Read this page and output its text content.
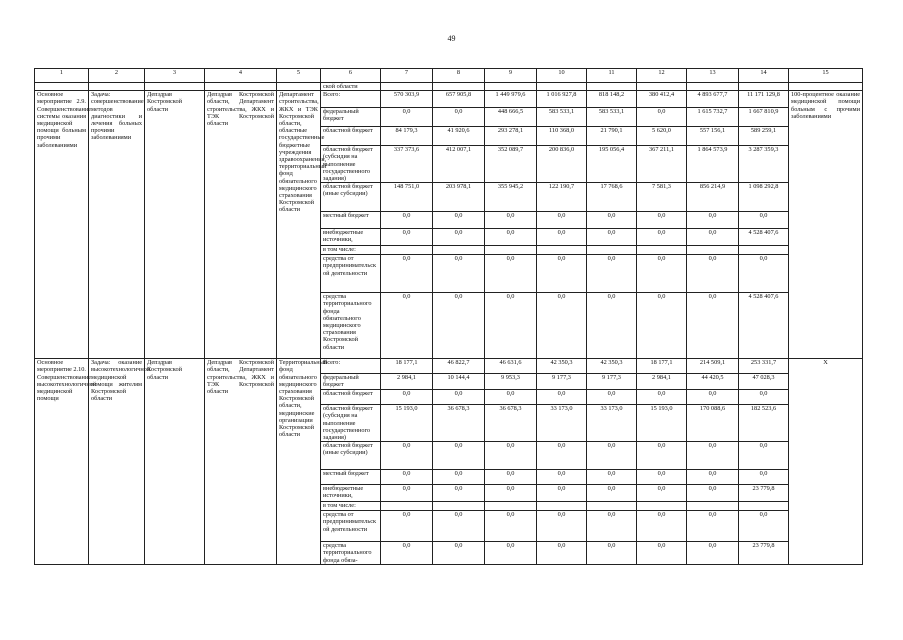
49
1	2	3	4	5	6	7	8	9	10	11	12	13	14	15
					ской области									
Основное мероприятие 2.9. Совершенствование системы оказания медицинской помощи больным прочими заболеваниями	Задача: совершенствование методов диагностики и лечения больных прочими заболеваниями	Депздрав Костромской области	Депздрав Костромской области, Департамент строительства, ЖКХ и ТЭК Костромской области	Департамент строительства, ЖКХ и ТЭК Костромской области, областные государственные бюджетные учреждения здравоохранения, территориальный фонд обязательного медицинского страхования Костромской области	Всего:	570 303,9	657 905,8	1 449 979,6	1 016 927,8	818 148,2	380 412,4	4 893 677,7	11 171 129,8	100-процентное оказание медицинской помощи больным с прочими заболеваниями
					федеральный бюджет	0,0	0,0	448 666,5	583 533,1	583 533,1	0,0	1 615 732,7	1 667 810,9	
					областной бюджет	84 179,3	41 920,6	293 278,1	110 368,0	21 790,1	5 620,0	557 156,1	589 259,1	
					областной бюджет (субсидия на выполнение государственного задания)	337 373,6	412 007,1	352 089,7	200 836,0	195 056,4	367 211,1	1 864 573,9	3 287 359,3	
					областной бюджет (иные субсидии)	148 751,0	203 978,1	355 945,2	122 190,7	17 768,6	7 581,3	856 214,9	1 098 292,8	
					местный бюджет	0,0	0,0	0,0	0,0	0,0	0,0	0,0	0,0	
					внебюджетные источники,	0,0	0,0	0,0	0,0	0,0	0,0	0,0	4 528 407,6	
					в том числе:									
					средства от предпринимательской деятельности	0,0	0,0	0,0	0,0	0,0	0,0	0,0	0,0	
					средства территориального фонда обязательного медицинского страхования Костромской области	0,0	0,0	0,0	0,0	0,0	0,0	0,0	4 528 407,6	
Основное мероприятие 2.10. Совершенствование высокотехнологичной медицинской помощи	Задача: оказание высокотехнологичной медицинской помощи жителям Костромской области	Депздрав Костромской области	Депздрав Костромской области, Департамент строительства, ЖКХ и ТЭК Костромской области	Территориальный фонд обязательного медицинского страхования Костромской области, медицинские организации Костромской области	Всего:	18 177,1	46 822,7	46 631,6	42 350,3	42 350,3	18 177,1	214 509,1	253 331,7	X
					федеральный бюджет	2 984,1	10 144,4	9 953,3	9 177,3	9 177,3	2 984,1	44 420,5	47 028,3	
					областной бюджет	0,0	0,0	0,0	0,0	0,0	0,0	0,0	0,0	
					областной бюджет (субсидия на выполнение государственного задания)	15 193,0	36 678,3	36 678,3	33 173,0	33 173,0	15 193,0	170 088,6	182 523,6	
					областной бюджет (иные субсидии)	0,0	0,0	0,0	0,0	0,0	0,0	0,0	0,0	
					местный бюджет	0,0	0,0	0,0	0,0	0,0	0,0	0,0	0,0	
					внебюджетные источники,	0,0	0,0	0,0	0,0	0,0	0,0	0,0	23 779,8	
					в том числе:									
					средства от предпринимательской деятельности	0,0	0,0	0,0	0,0	0,0	0,0	0,0	0,0	
					средства территориального фонда обяза-	0,0	0,0	0,0	0,0	0,0	0,0	0,0	23 779,8	
